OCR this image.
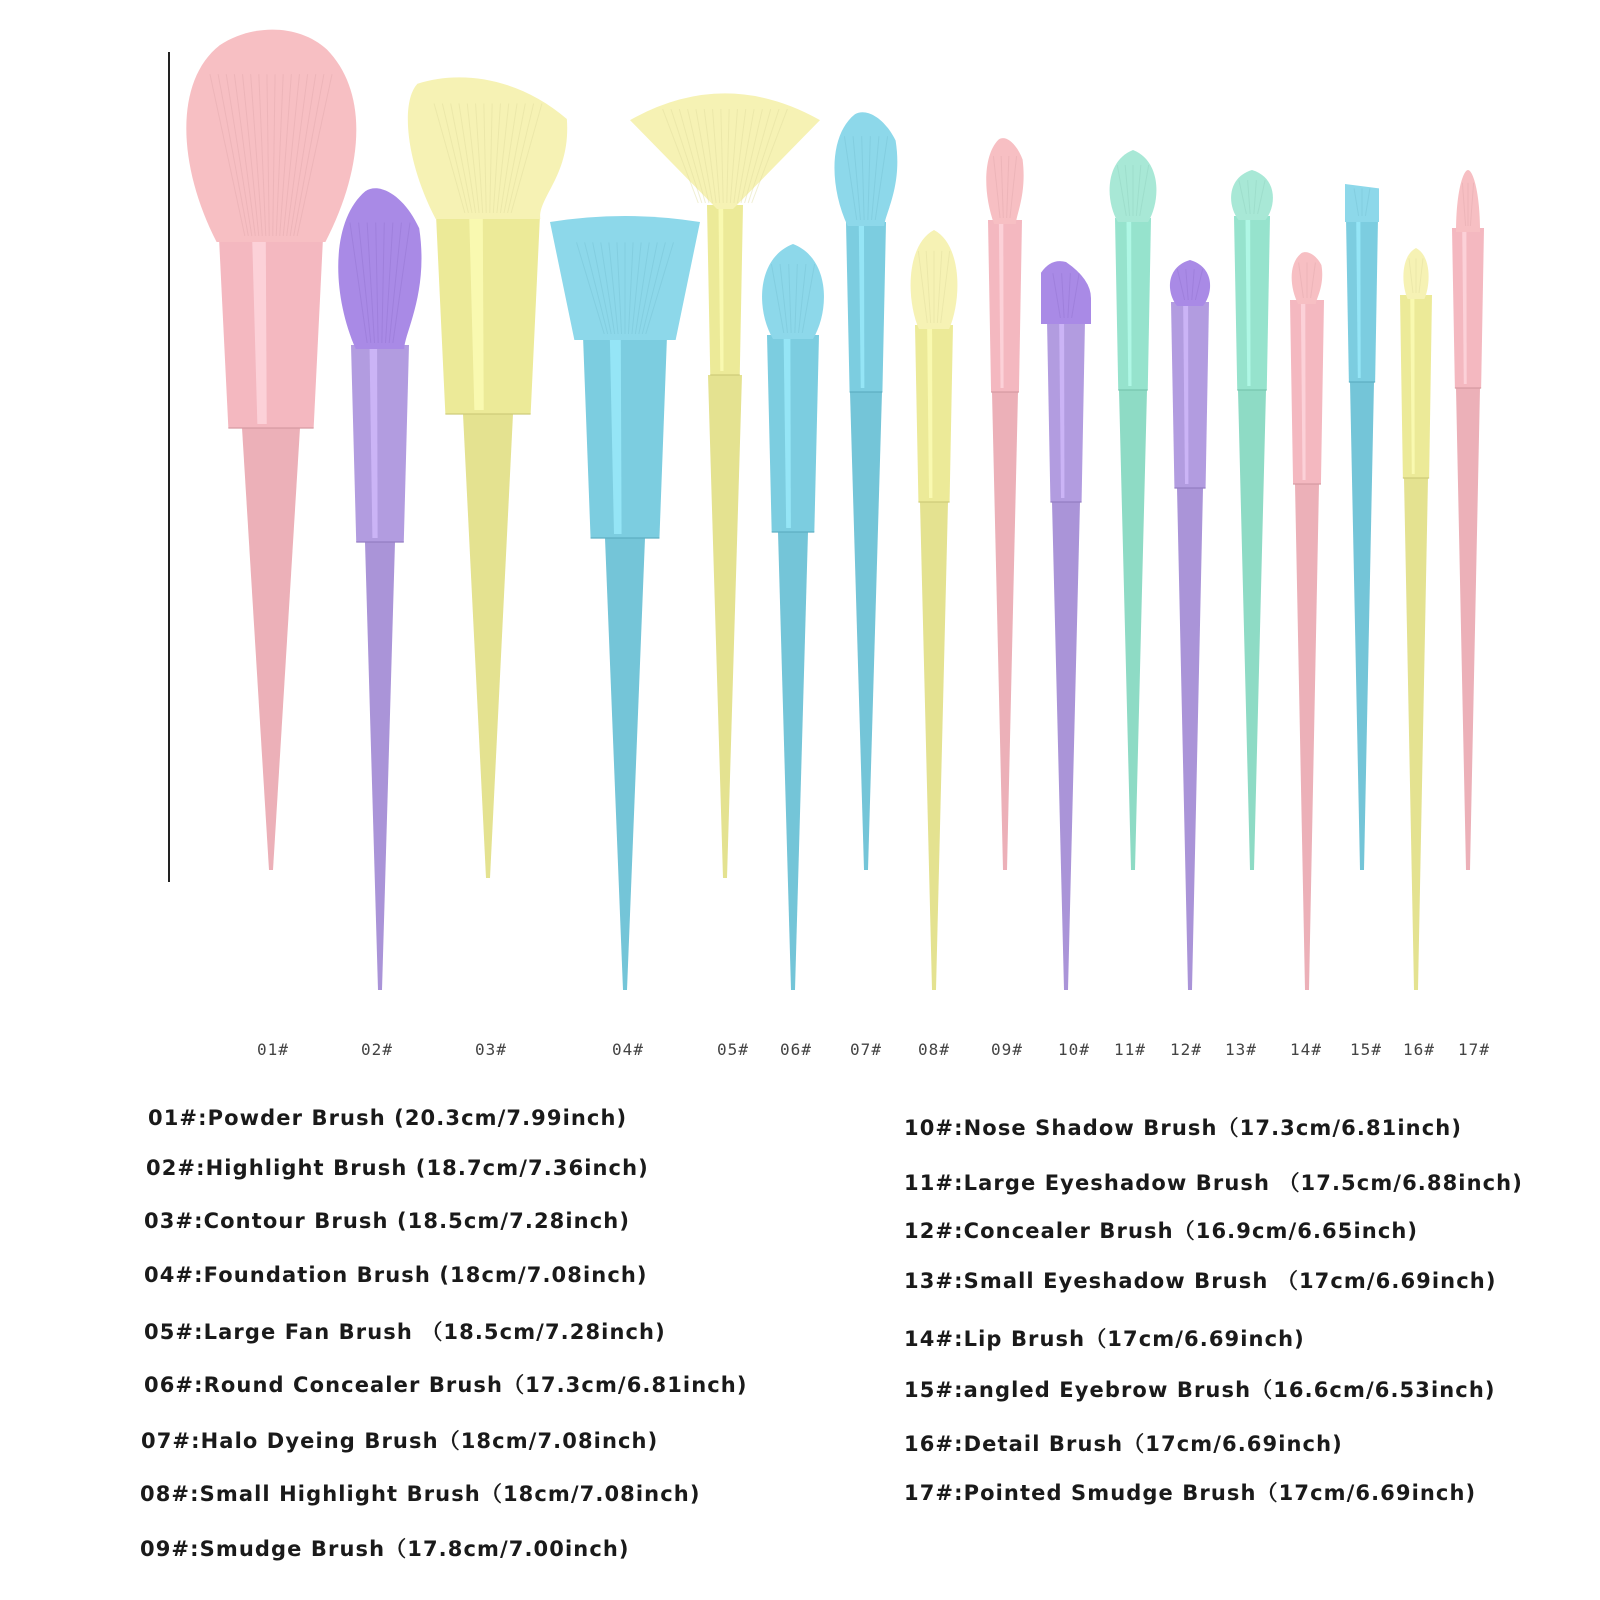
01#	02#	03#	04#	05# 06# 07# 08#	09# 10# 11# 12# 13# 14# 15# 16# 17#
01#:Powder Brush (20.3cm/7.99inch)
02#:Highlight Brush (18.7cm/7.36inch)
03#:Contour Brush (18.5cm/7.28inch)
04#:Foundation Brush (18cm/7.08inch)
05#:Large Fan Brush （18.5cm/7.28inch)
06#:Round Concealer Brush（17.3cm/6.81inch)
07#:Halo Dyeing Brush（18cm/7.08inch)
08#:Small Highlight Brush（18cm/7.08inch)
09#:Smudge Brush（17.8cm/7.00inch)
10#:Nose Shadow Brush（17.3cm/6.81inch)
11#:Large Eyeshadow Brush （17.5cm/6.88inch)
12#:Concealer Brush（16.9cm/6.65inch)
13#:Small Eyeshadow Brush （17cm/6.69inch)
14#:Lip Brush（17cm/6.69inch)
15#:angled Eyebrow Brush（16.6cm/6.53inch)
16#:Detail Brush（17cm/6.69inch)
17#:Pointed Smudge Brush（17cm/6.69inch)
